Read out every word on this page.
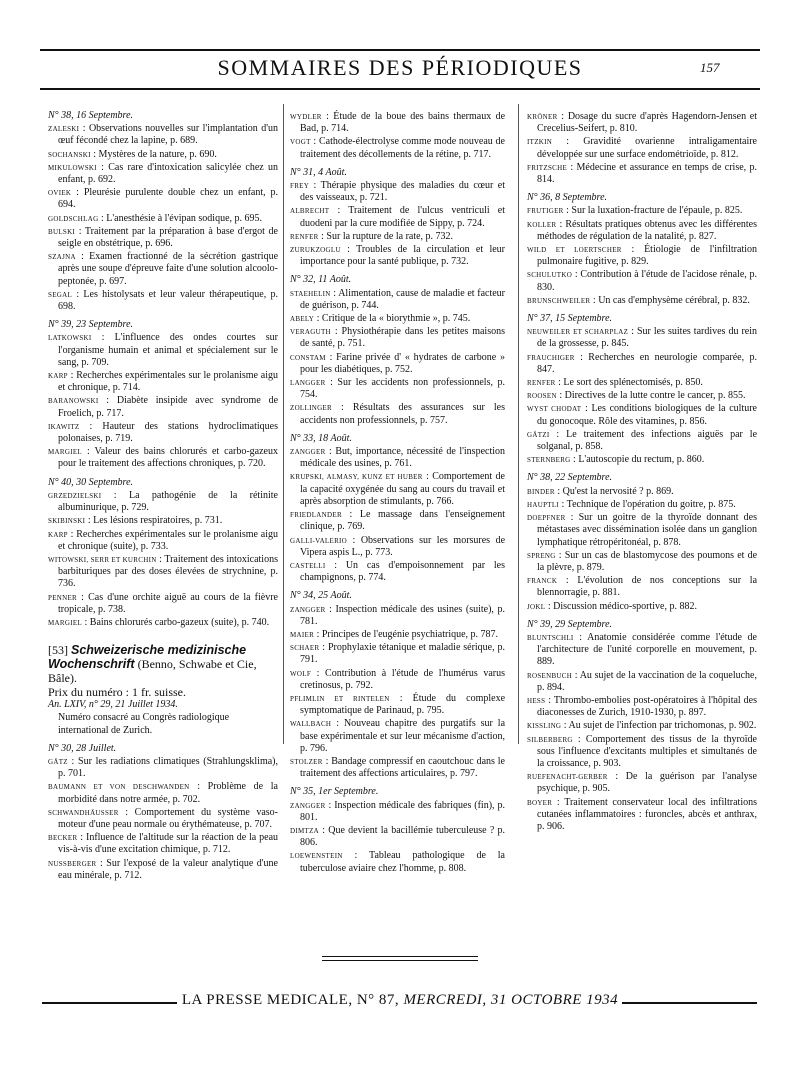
SOMMAIRES DES PÉRIODIQUES	157
N° 38, 16 Septembre.
ZALESKI : Observations nouvelles sur l'implantation d'un œuf fécondé chez la lapine, p. 689.
SOCHANSKI : Mystères de la nature, p. 690.
MIKULOWSKI : Cas rare d'intoxication salicylée chez un enfant, p. 692.
OVIEK : Pleurésie purulente double chez un enfant, p. 694.
GOLDSCHLAG : L'anesthésie à l'évipan sodique, p. 695.
BULSKI : Traitement par la préparation à base d'ergot de seigle en obstétrique, p. 696.
SZAJNA : Examen fractionné de la sécrétion gastrique après une soupe d'épreuve faite d'une solution alcoolo-peptonée, p. 697.
SEGAL : Les histolysats et leur valeur thérapeutique, p. 698.
N° 39, 23 Septembre.
LATKOWSKI : L'influence des ondes courtes sur l'organisme humain et animal et spécialement sur le sang, p. 709.
KARP : Recherches expérimentales sur le prolanisme aigu et chronique, p. 714.
BARANOWSKI : Diabète insipide avec syndrome de Froelich, p. 717.
IKAWITZ : Hauteur des stations hydroclimatiques polonaises, p. 719.
MARGIEL : Valeur des bains chlorurés et carbo-gazeux pour le traitement des affections chroniques, p. 720.
N° 40, 30 Septembre.
GRZEDZIELSKI : La pathogénie de la rétinite albuminurique, p. 729.
SKIBINSKI : Les lésions respiratoires, p. 731.
KARP : Recherches expérimentales sur le prolanisme aigu et chronique (suite), p. 733.
WITOWSKI, SERR ET KURCHIN : Traitement des intoxications barbituriques par des doses élevées de strychnine, p. 736.
PENNER : Cas d'une orchite aiguë au cours de la fièvre tropicale, p. 738.
MARGIEL : Bains chlorurés carbo-gazeux (suite), p. 740.
[53] Schweizerische medizinische Wochenschrift (Benno, Schwabe et Cie, Bâle).
Prix du numéro : 1 fr. suisse.
An. LXIV, n° 29, 21 Juillet 1934.
Numéro consacré au Congrès radiologique international de Zurich.
N° 30, 28 Juillet.
GÄTZ : Sur les radiations climatiques (Strahlungsklima), p. 701.
BAUMANN ET VON DESCHWANDEN : Problème de la morbidité dans notre armée, p. 702.
SCHWANDHÄUSSER : Comportement du système vaso-moteur d'une peau normale ou érythémateuse, p. 707.
BECKER : Influence de l'altitude sur la réaction de la peau vis-à-vis d'une excitation chimique, p. 712.
NUSSBERGER : Sur l'exposé de la valeur analytique d'une eau minérale, p. 712.
WYDLER : Étude de la boue des bains thermaux de Bad, p. 714.
VOGT : Cathode-électrolyse comme mode nouveau de traitement des décollements de la rétine, p. 717.
N° 31, 4 Août.
FREY : Thérapie physique des maladies du cœur et des vaisseaux, p. 721.
ALBRECHT : Traitement de l'ulcus ventriculi et duodeni par la cure modifiée de Sippy, p. 724.
RENFER : Sur la rupture de la rate, p. 732.
ZURUKZOGLU : Troubles de la circulation et leur importance pour la santé publique, p. 732.
N° 32, 11 Août.
STAEHELIN : Alimentation, cause de maladie et facteur de guérison, p. 744.
ABELY : Critique de la « biorythmie », p. 745.
VERAGUTH : Physiothérapie dans les petites maisons de santé, p. 751.
CONSTAM : Farine privée d' « hydrates de carbone » pour les diabétiques, p. 752.
LANGGER : Sur les accidents non professionnels, p. 754.
ZOLLINGER : Résultats des assurances sur les accidents non professionnels, p. 757.
N° 33, 18 Août.
ZANGGER : But, importance, nécessité de l'inspection médicale des usines, p. 761.
KRUPSKI, ALMASY, KUNZ ET HUBER : Comportement de la capacité oxygénée du sang au cours du travail et après absorption de stimulants, p. 766.
FRIEDLANDER : Le massage dans l'enseignement clinique, p. 769.
GALLI-VALERIO : Observations sur les morsures de Vipera aspis L., p. 773.
CASTELLI : Un cas d'empoisonnement par les champignons, p. 774.
N° 34, 25 Août.
ZANGGER : Inspection médicale des usines (suite), p. 781.
MAIER : Principes de l'eugénie psychiatrique, p. 787.
SCHAER : Prophylaxie tétanique et maladie sérique, p. 791.
WOLF : Contribution à l'étude de l'humérus varus cretinosus, p. 792.
PFLIMLIN ET RINTELEN : Étude du complexe symptomatique de Parinaud, p. 795.
WALLBACH : Nouveau chapitre des purgatifs sur la base expérimentale et sur leur mécanisme d'action, p. 796.
STOLZER : Bandage compressif en caoutchouc dans le traitement des affections articulaires, p. 797.
N° 35, 1er Septembre.
ZANGGER : Inspection médicale des fabriques (fin), p. 801.
DIMTZA : Que devient la bacillémie tuberculeuse ? p. 806.
LOEWENSTEIN : Tableau pathologique de la tuberculose aviaire chez l'homme, p. 808.
KRÖNER : Dosage du sucre d'après Hagendorn-Jensen et Crecelius-Seifert, p. 810.
ITZKIN : Gravidité ovarienne intraligamentaire développée sur une surface endométrioïde, p. 812.
FRITZSCHE : Médecine et assurance en temps de crise, p. 814.
N° 36, 8 Septembre.
FRUTIGER : Sur la luxation-fracture de l'épaule, p. 825.
KOLLER : Résultats pratiques obtenus avec les différentes méthodes de régulation de la natalité, p. 827.
WILD ET LOERTSCHER : Étiologie de l'infiltration pulmonaire fugitive, p. 829.
SCHULUTKO : Contribution à l'étude de l'acidose rénale, p. 830.
BRUNSCHWEILER : Un cas d'emphysème cérébral, p. 832.
N° 37, 15 Septembre.
NEUWEILER ET SCHARPLAZ : Sur les suites tardives du rein de la grossesse, p. 845.
FRAUCHIGER : Recherches en neurologie comparée, p. 847.
RENFER : Le sort des splénectomisés, p. 850.
ROOSEN : Directives de la lutte contre le cancer, p. 855.
WYST CHODAT : Les conditions biologiques de la culture du gonocoque. Rôle des vitamines, p. 856.
GÄTZI : Le traitement des infections aiguës par le solganal, p. 858.
STERNBERG : L'autoscopie du rectum, p. 860.
N° 38, 22 Septembre.
BINDER : Qu'est la nervosité ? p. 869.
HAUPTLI : Technique de l'opération du goitre, p. 875.
DOEPFNER : Sur un goitre de la thyroïde donnant des métastases avec dissémination isolée dans un ganglion lymphatique rétropéritonéal, p. 878.
SPRENG : Sur un cas de blastomycose des poumons et de la plèvre, p. 879.
FRANCK : L'évolution de nos conceptions sur la blennorragie, p. 881.
JOKL : Discussion médico-sportive, p. 882.
N° 39, 29 Septembre.
BLUNTSCHLI : Anatomie considérée comme l'étude de l'architecture de l'unité corporelle en mouvement, p. 889.
ROSENBUCH : Au sujet de la vaccination de la coqueluche, p. 894.
HESS : Thrombo-embolies post-opératoires à l'hôpital des diaconesses de Zurich, 1910-1930, p. 897.
KISSLING : Au sujet de l'infection par trichomonas, p. 902.
SILBERBERG : Comportement des tissus de la thyroïde sous l'influence d'excitants multiples et simultanés de la croissance, p. 903.
RUEFENACHT-GERBER : De la guérison par l'analyse psychique, p. 905.
BOYER : Traitement conservateur local des infiltrations cutanées inflammatoires : furoncles, abcès et anthrax, p. 906.
LA PRESSE MEDICALE, N° 87, MERCREDI, 31 OCTOBRE 1934
